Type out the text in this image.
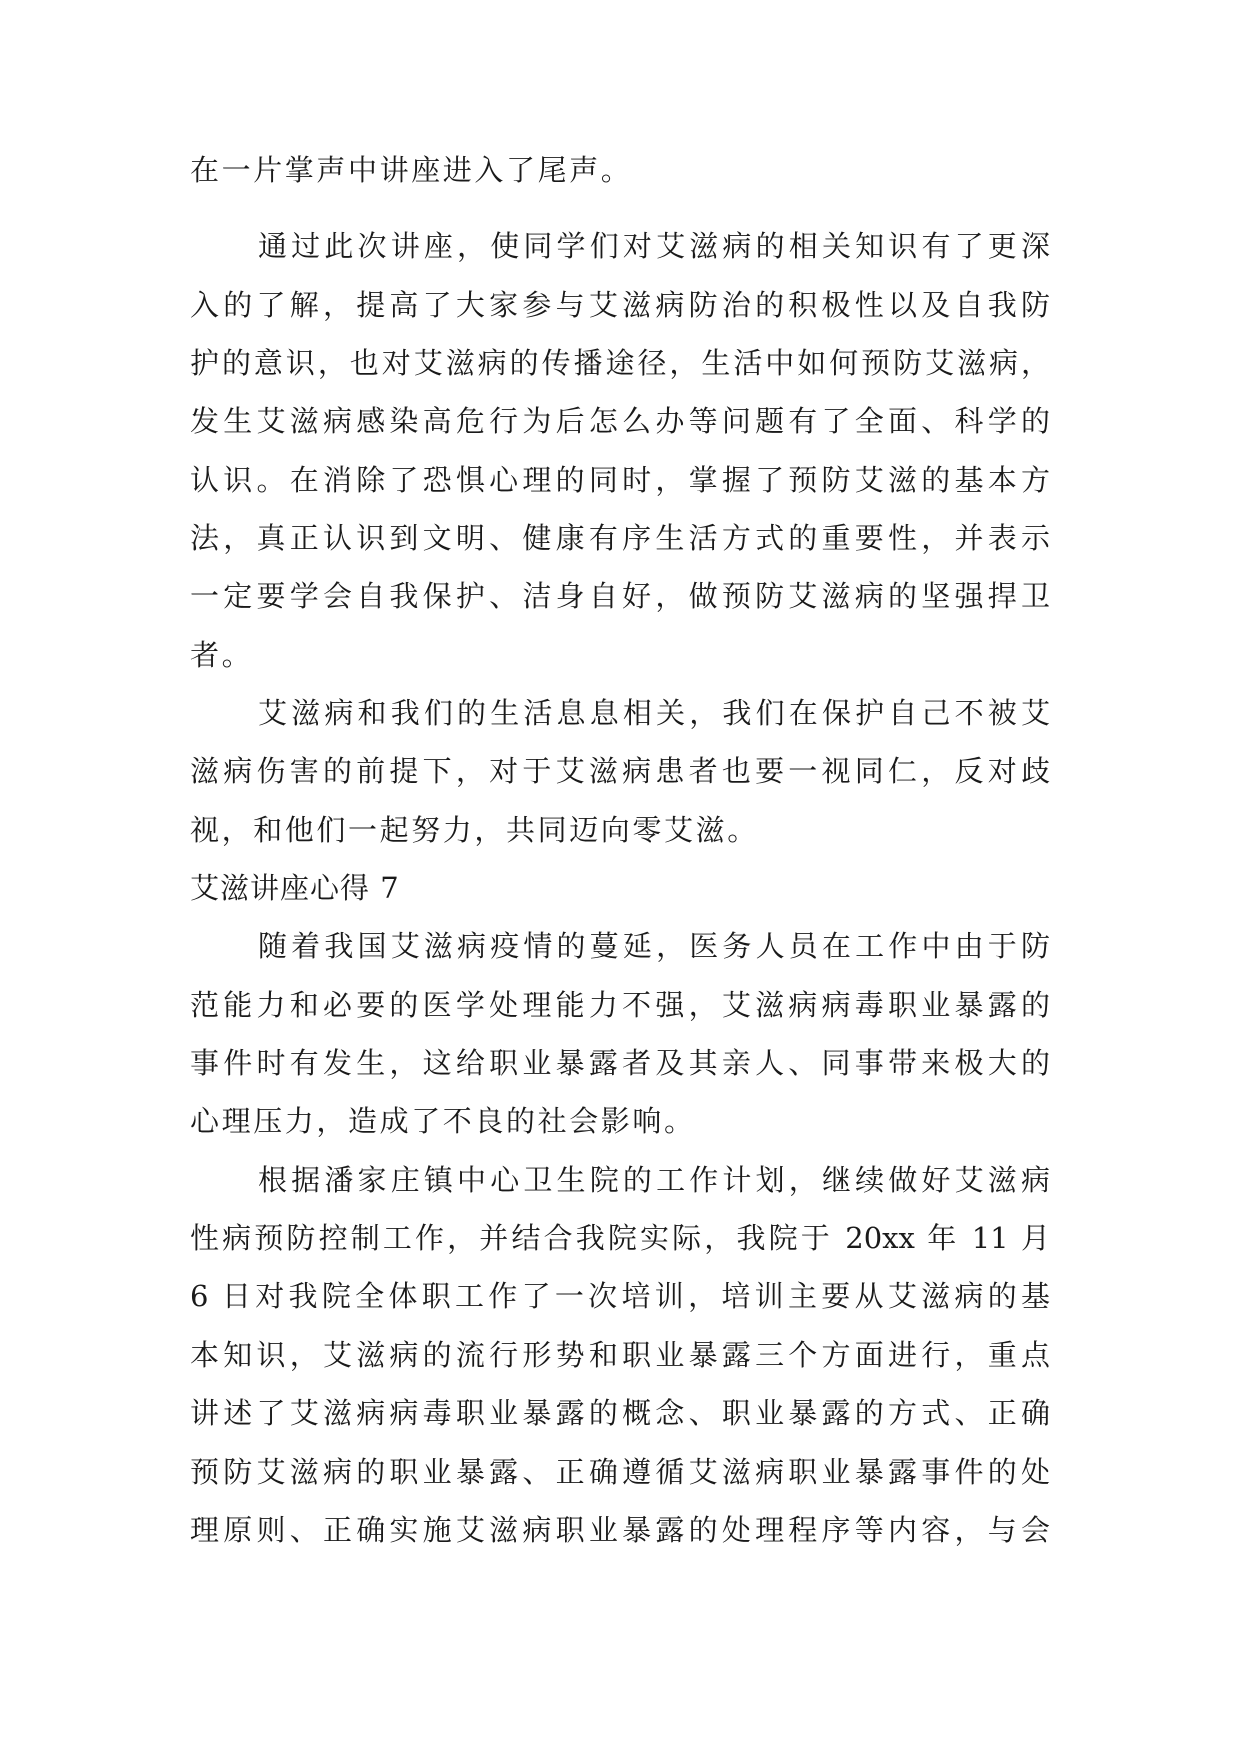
在一片掌声中讲座进入了尾声。

通过此次讲座，使同学们对艾滋病的相关知识有了更深

入的了解，提高了大家参与艾滋病防治的积极性以及自我防

护的意识，也对艾滋病的传播途径，生活中如何预防艾滋病，

发生艾滋病感染高危行为后怎么办等问题有了全面、科学的

认识。在消除了恐惧心理的同时，掌握了预防艾滋的基本方

法，真正认识到文明、健康有序生活方式的重要性，并表示

一定要学会自我保护、洁身自好，做预防艾滋病的坚强捍卫

者。

艾滋病和我们的生活息息相关，我们在保护自己不被艾

滋病伤害的前提下，对于艾滋病患者也要一视同仁，反对歧

视，和他们一起努力，共同迈向零艾滋。

艾滋讲座心得 7

随着我国艾滋病疫情的蔓延，医务人员在工作中由于防

范能力和必要的医学处理能力不强，艾滋病病毒职业暴露的

事件时有发生，这给职业暴露者及其亲人、同事带来极大的

心理压力，造成了不良的社会影响。

根据潘家庄镇中心卫生院的工作计划，继续做好艾滋病

性病预防控制工作，并结合我院实际，我院于 20xx 年 11 月

6 日对我院全体职工作了一次培训，培训主要从艾滋病的基

本知识，艾滋病的流行形势和职业暴露三个方面进行，重点

讲述了艾滋病病毒职业暴露的概念、职业暴露的方式、正确

预防艾滋病的职业暴露、正确遵循艾滋病职业暴露事件的处

理原则、正确实施艾滋病职业暴露的处理程序等内容，与会
